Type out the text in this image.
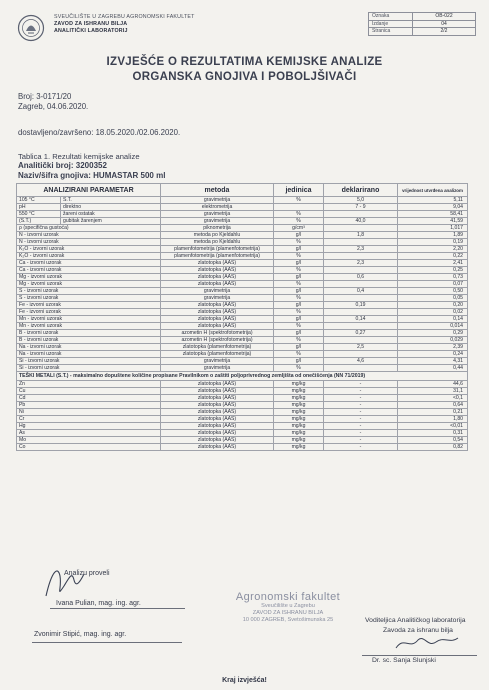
SVEUČILIŠTE U ZAGREBU AGRONOMSKI FAKULTET
ZAVOD ZA ISHRANU BILJA
ANALITIČKI LABORATORIJ
Oznaka	OB-022
Izdanje	04
Stranica	2/2
IZVJEŠĆE O REZULTATIMA KEMIJSKE ANALIZE
ORGANSKA GNOJIVA I POBOLJŠIVAČI
Broj: 3-0171/20
Zagreb, 04.06.2020.
dostavljeno/završeno: 18.05.2020./02.06.2020.
Tablica 1. Rezultati kemijske analize
Analitički broj: 3200352
Naziv/šifra gnojiva: HUMASTAR 500 ml
ANALIZIRANI PARAMETAR		metoda	jedinica	deklarirano	vrijednost utvrđena analizom
105 °C	S.T.	gravimetrija	%	5,0	5,11
pH	direktno	elektrometrija		7 - 9	9,04
550 °C	žareni ostatak	gravimetrija	%		58,41
(S.T.)	gubitak žarenjem	gravimetrija	%	40,0	41,59
ρ (specifična gustoća)		piknometrija	g/cm³		1,017
N - izvorni uzorak		metoda po Kjeldahlu	g/l	1,8	1,89
N - izvorni uzorak		metoda po Kjeldahlu	%		0,19
K₂O - izvorni uzorak		plamenfotometrija (plamenfotometrija)	g/l	2,3	2,20
K₂O - izvorni uzorak		plamenfotometrija (plamenfotometrija)	%		0,22
Ca - izvorni uzorak		zlatotopka (AAS)	g/l	2,3	2,41
Ca - izvorni uzorak		zlatotopka (AAS)	%		0,25
Mg - izvorni uzorak		zlatotopka (AAS)	g/l	0,6	0,73
Mg - izvorni uzorak		zlatotopka (AAS)	%		0,07
S - izvorni uzorak		gravimetrija	g/l	0,4	0,50
S - izvorni uzorak		gravimetrija	%		0,05
Fe - izvorni uzorak		zlatotopka (AAS)	g/l	0,19	0,20
Fe - izvorni uzorak		zlatotopka (AAS)	%		0,02
Mn - izvorni uzorak		zlatotopka (AAS)	g/l	0,14	0,14
Mn - izvorni uzorak		zlatotopka (AAS)	%		0,014
B - izvorni uzorak		azometin H (spektrofotometrija)	g/l	0,27	0,29
B - izvorni uzorak		azometin H (spektrofotometrija)	%		0,029
Na - izvorni uzorak		zlatotopka (plamenfotometrija)	g/l	2,5	2,39
Na - izvorni uzorak		zlatotopka (plamenfotometrija)	%		0,24
Si - izvorni uzorak		gravimetrija	g/l	4,6	4,31
Si - izvorni uzorak		gravimetrija	%		0,44
TEŠKI METALI (S.T.) - maksimalno dopuštene količine propisane Pravilnikom o zaštiti poljoprivrednog zemljišta od onečišćenja (NN 71/2019)					
Zn		zlatotopka (AAS)	mg/kg	-	44,6
Cu		zlatotopka (AAS)	mg/kg	-	31,1
Cd		zlatotopka (AAS)	mg/kg	-	<0,1
Pb		zlatotopka (AAS)	mg/kg	-	0,64
Ni		zlatotopka (AAS)	mg/kg	-	0,21
Cr		zlatotopka (AAS)	mg/kg	-	1,80
Hg		zlatotopka (AAS)	mg/kg	-	<0,01
As		zlatotopka (AAS)	mg/kg	-	0,31
Mo		zlatotopka (AAS)	mg/kg	-	0,54
Co		zlatotopka (AAS)	mg/kg	-	0,82
Analizu proveli
Ivana Pulian, mag. ing. agr.
Zvonimir Stipić, mag. ing. agr.
Agronomski fakultet
Sveučilište u Zagrebu
ZAVOD ZA ISHRANU BILJA
10 000 ZAGREB, Svetošimunska 25	Voditeljica Analitičkog laboratorija
Zavoda za ishranu bilja
Dr. sc. Sanja Slunjski
Kraj izvješća!
